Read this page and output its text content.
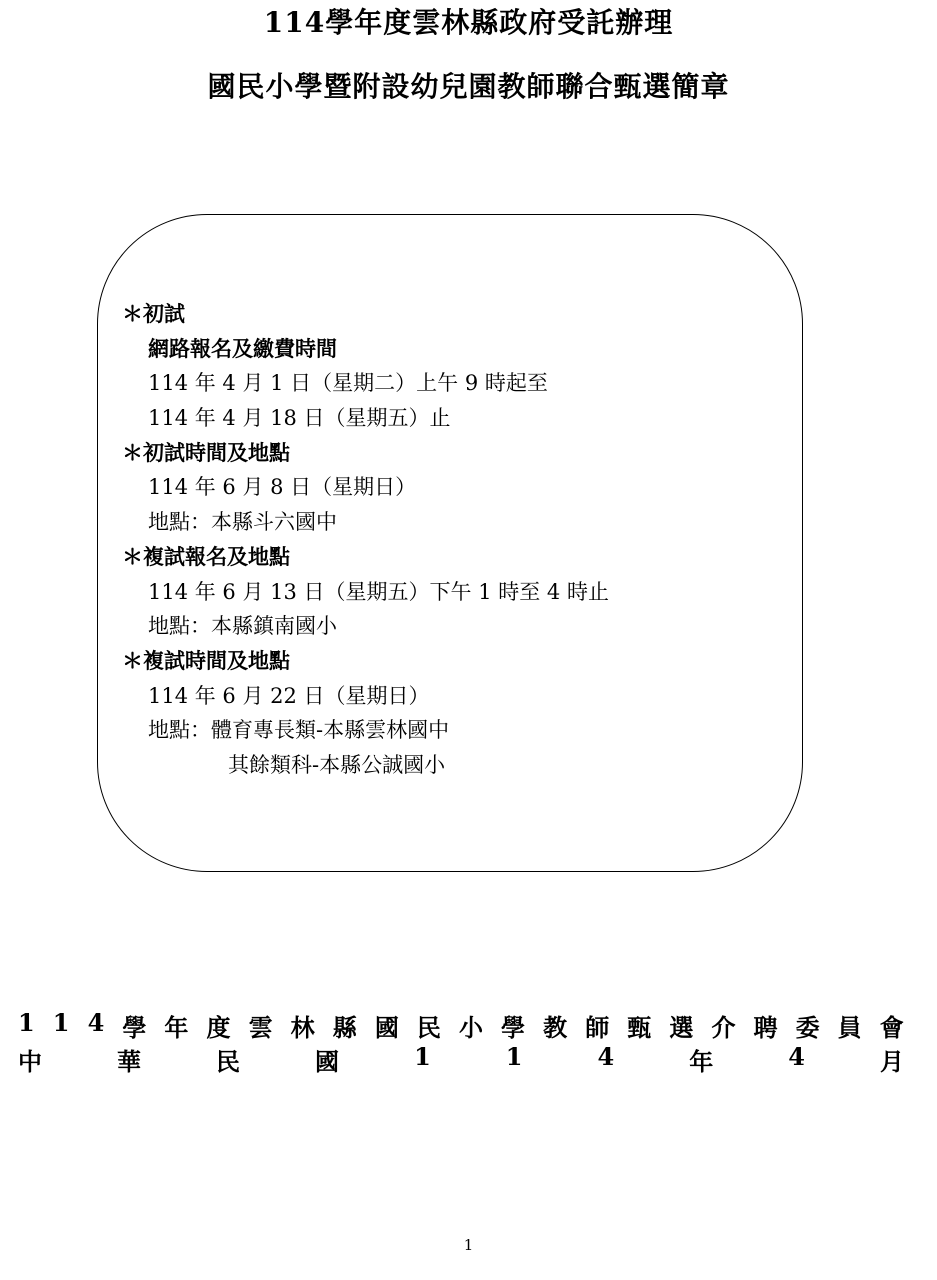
114學年度雲林縣政府受託辦理
國民小學暨附設幼兒園教師聯合甄選簡章
＊初試
網路報名及繳費時間
114 年 4 月 1 日（星期二）上午 9 時起至
114 年 4 月 18 日（星期五）止
＊初試時間及地點
114 年 6 月 8 日（星期日）
地點：本縣斗六國中
＊複試報名及地點
114 年 6 月 13 日（星期五）下午 1 時至 4 時止
地點：本縣鎮南國小
＊複試時間及地點
114 年 6 月 22 日（星期日）
地點：體育專長類-本縣雲林國中
其餘類科-本縣公誠國小
1 1 4 學 年 度 雲 林 縣 國 民 小 學 教 師 甄 選 介 聘 委 員 會
中	華	民	國	1	1	4	年	4	月
1
